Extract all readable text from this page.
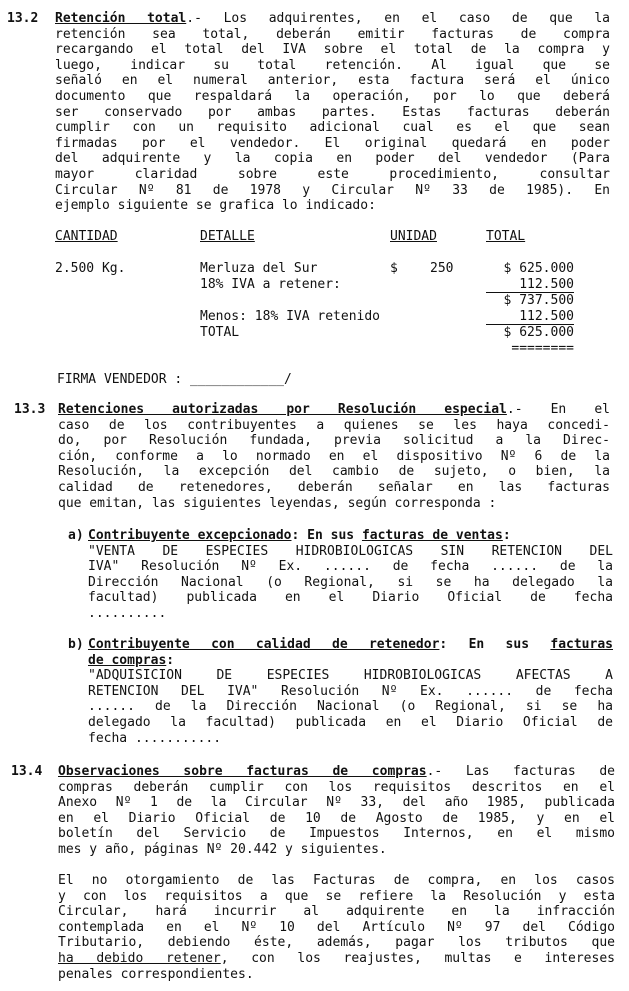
13.2 Retención total.- Los adquirentes, en el caso de que la
retención sea total, deberán emitir facturas de compra
recargando el total del IVA sobre el total de la compra y
luego, indicar su total retención. Al igual que se
señaló en el numeral anterior, esta factura será el único
documento que respaldará la operación, por lo que deberá
ser conservado por ambas partes. Estas facturas deberán
cumplir con un requisito adicional cual es el que sean
firmadas por el vendedor. El original quedará en poder
del adquirente y la copia en poder del vendedor (Para
mayor claridad sobre este procedimiento, consultar
Circular Nº 81 de 1978 y Circular Nº 33 de 1985). En
ejemplo siguiente se grafica lo indicado:
CANTIDAD	DETALLE	UNIDAD		TOTAL

2.500 Kg.	Merluza del Sur	$	250	$ 625.000
	18% IVA a retener:			112.500
				$ 737.500
	Menos: 18% IVA retenido			112.500
	TOTAL			$ 625.000
				========
FIRMA VENDEDOR : ____________/
13.3 Retenciones autorizadas por Resolución especial.- En el
caso de los contribuyentes a quienes se les haya concedi-
do, por Resolución fundada, previa solicitud a la Direc-
ción, conforme a lo normado en el dispositivo Nº 6 de la
Resolución, la excepción del cambio de sujeto, o bien, la
calidad de retenedores, deberán señalar en las facturas
que emitan, las siguientes leyendas, según corresponda :
a) Contribuyente excepcionado: En sus facturas de ventas:
"VENTA DE ESPECIES HIDROBIOLOGICAS SIN RETENCION DEL
IVA" Resolución Nº Ex. ...... de fecha ...... de la
Dirección Nacional (o Regional, si se ha delegado la
facultad) publicada en el Diario Oficial de fecha
..........
b) Contribuyente con calidad de retenedor: En sus facturas
de compras:
"ADQUISICION DE ESPECIES HIDROBIOLOGICAS AFECTAS A
RETENCION DEL IVA" Resolución Nº Ex. ...... de fecha
...... de la Dirección Nacional (o Regional, si se ha
delegado la facultad) publicada en el Diario Oficial de
fecha ...........
13.4 Observaciones sobre facturas de compras.- Las facturas de
compras deberán cumplir con los requisitos descritos en el
Anexo Nº 1 de la Circular Nº 33, del año 1985, publicada
en el Diario Oficial de 10 de Agosto de 1985, y en el
boletín del Servicio de Impuestos Internos, en el mismo
mes y año, páginas Nº 20.442 y siguientes.
El no otorgamiento de las Facturas de compra, en los casos
y con los requisitos a que se refiere la Resolución y esta
Circular, hará incurrir al adquirente en la infracción
contemplada en el Nº 10 del Artículo Nº 97 del Código
Tributario, debiendo éste, además, pagar los tributos que
ha debido retener, con los reajustes, multas e intereses
penales correspondientes.
